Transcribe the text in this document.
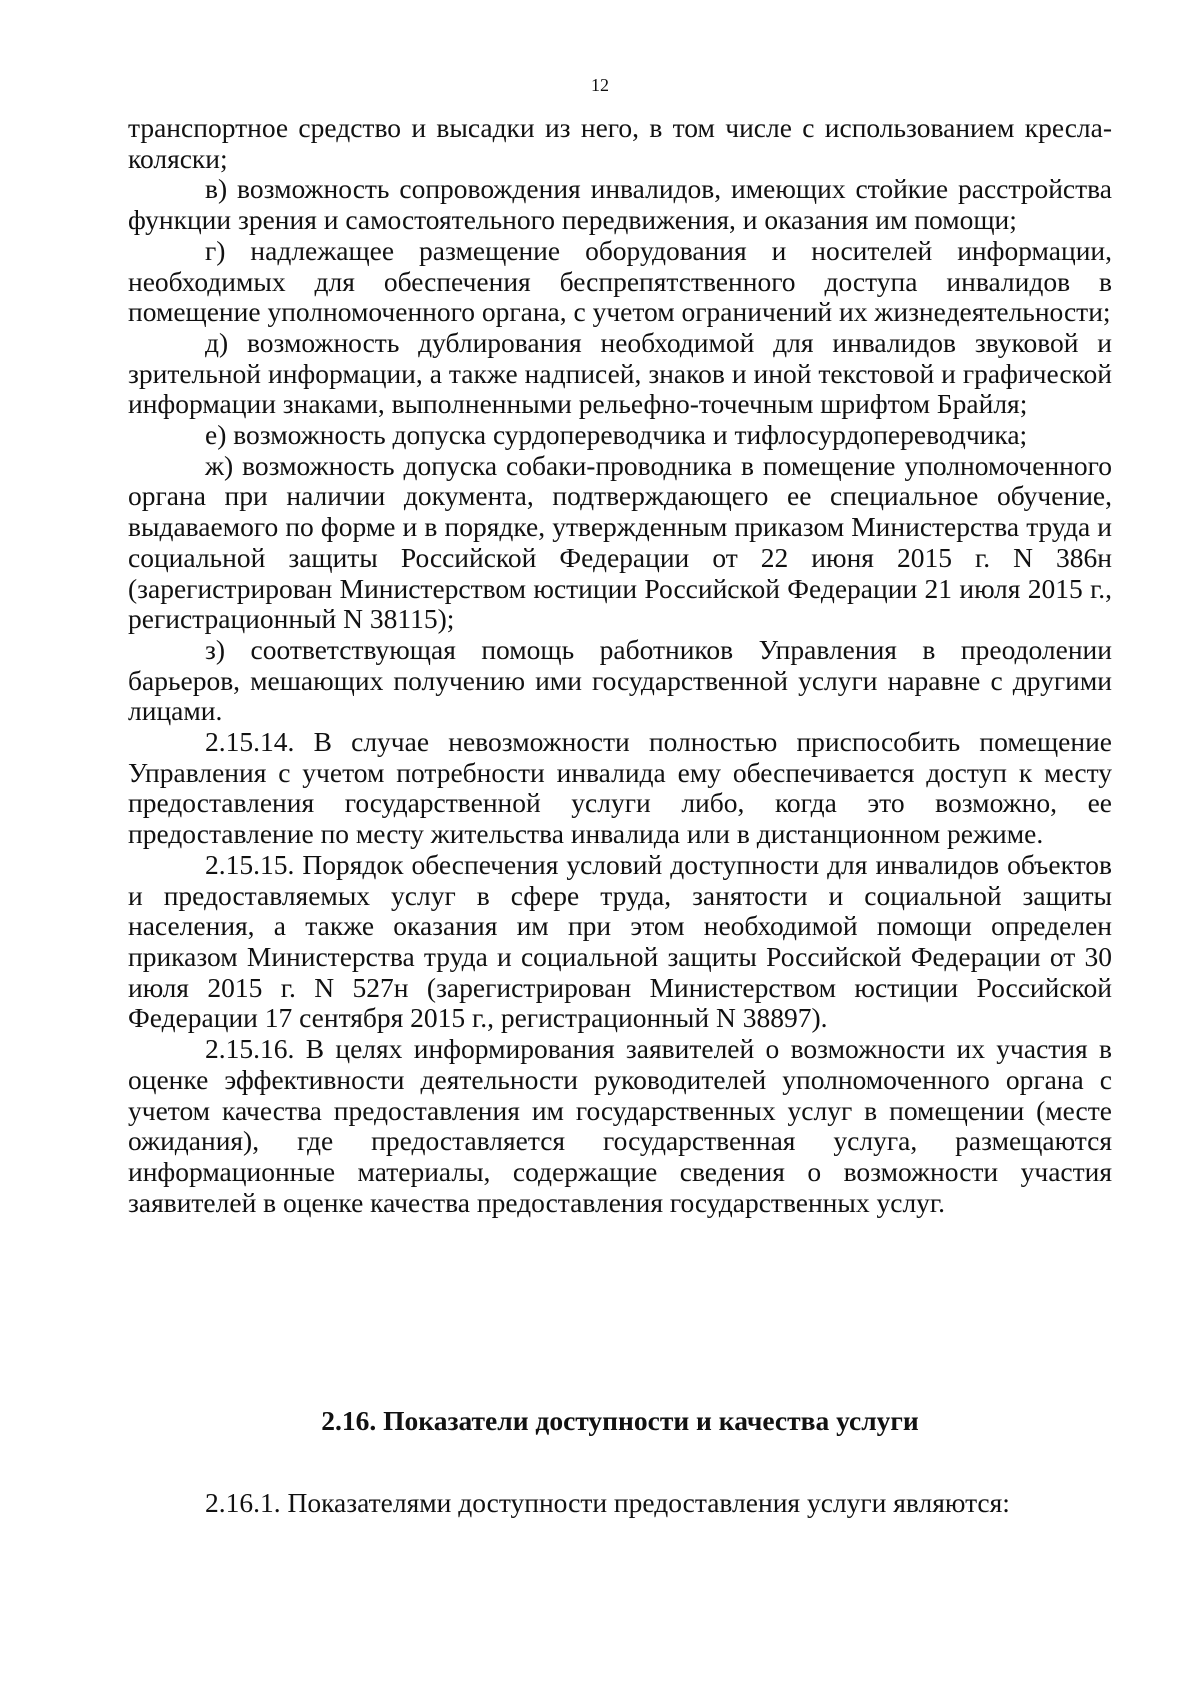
12

транспортное средство и высадки из него, в том числе с использованием кресла-коляски;

в) возможность сопровождения инвалидов, имеющих стойкие расстройства функции зрения и самостоятельного передвижения, и оказания им помощи;

г) надлежащее размещение оборудования и носителей информации, необходимых для обеспечения беспрепятственного доступа инвалидов в помещение уполномоченного органа, с учетом ограничений их жизнедеятельности;

д) возможность дублирования необходимой для инвалидов звуковой и зрительной информации, а также надписей, знаков и иной текстовой и графической информации знаками, выполненными рельефно-точечным шрифтом Брайля;

е) возможность допуска сурдопереводчика и тифлосурдопереводчика;

ж) возможность допуска собаки-проводника в помещение уполномоченного органа при наличии документа, подтверждающего ее специальное обучение, выдаваемого по форме и в порядке, утвержденным приказом Министерства труда и социальной защиты Российской Федерации от 22 июня 2015 г. N 386н (зарегистрирован Министерством юстиции Российской Федерации 21 июля 2015 г., регистрационный N 38115);

з) соответствующая помощь работников Управления в преодолении барьеров, мешающих получению ими государственной услуги наравне с другими лицами.

2.15.14. В случае невозможности полностью приспособить помещение Управления с учетом потребности инвалида ему обеспечивается доступ к месту предоставления государственной услуги либо, когда это возможно, ее предоставление по месту жительства инвалида или в дистанционном режиме.

2.15.15. Порядок обеспечения условий доступности для инвалидов объектов и предоставляемых услуг в сфере труда, занятости и социальной защиты населения, а также оказания им при этом необходимой помощи определен приказом Министерства труда и социальной защиты Российской Федерации от 30 июля 2015 г. N 527н (зарегистрирован Министерством юстиции Российской Федерации 17 сентября 2015 г., регистрационный N 38897).

2.15.16. В целях информирования заявителей о возможности их участия в оценке эффективности деятельности руководителей уполномоченного органа с учетом качества предоставления им государственных услуг в помещении (месте ожидания), где предоставляется государственная услуга, размещаются информационные материалы, содержащие сведения о возможности участия заявителей в оценке качества предоставления государственных услуг.

2.16. Показатели доступности и качества услуги
2.16.1. Показателями доступности предоставления услуги являются:
